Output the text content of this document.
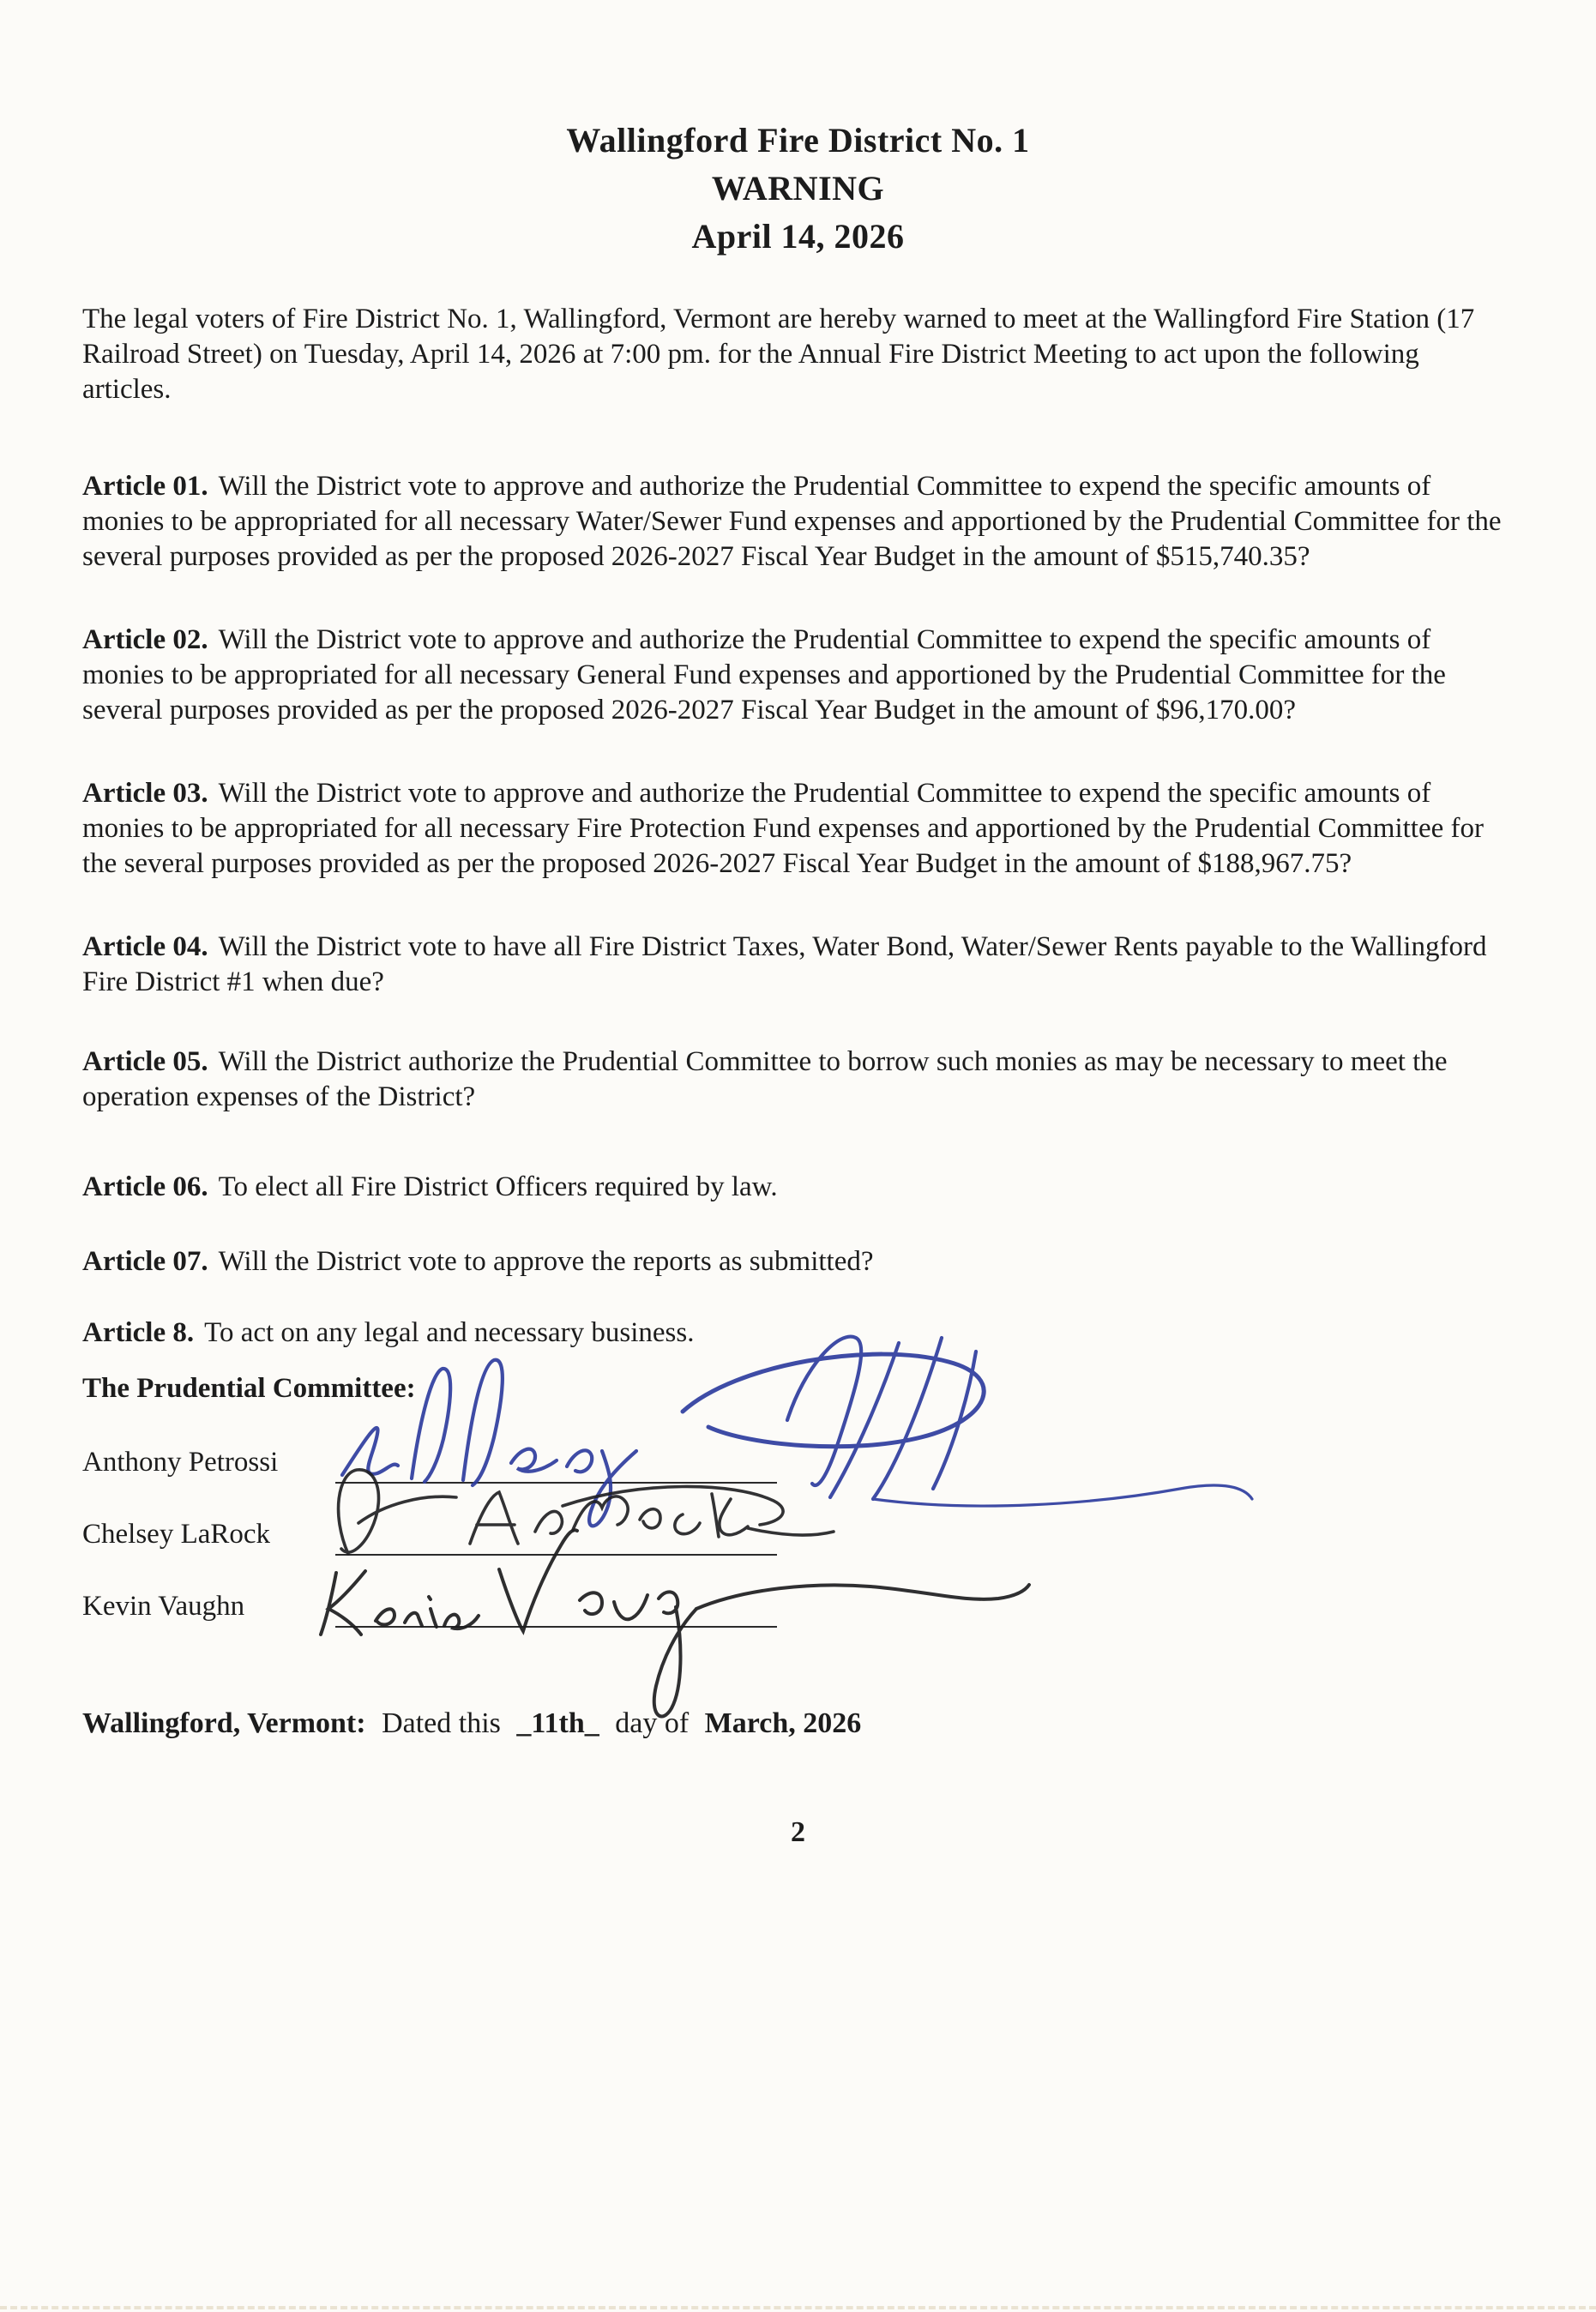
Wallingford Fire District No. 1
WARNING
April 14, 2026

The legal voters of Fire District No. 1, Wallingford, Vermont are hereby warned to meet at the Wallingford Fire Station (17 Railroad Street) on Tuesday, April 14, 2026 at 7:00 pm. for the Annual Fire District Meeting to act upon the following articles.

Article 01. Will the District vote to approve and authorize the Prudential Committee to expend the specific amounts of monies to be appropriated for all necessary Water/Sewer Fund expenses and apportioned by the Prudential Committee for the several purposes provided as per the proposed 2026-2027 Fiscal Year Budget in the amount of $515,740.35?

Article 02. Will the District vote to approve and authorize the Prudential Committee to expend the specific amounts of monies to be appropriated for all necessary General Fund expenses and apportioned by the Prudential Committee for the several purposes provided as per the proposed 2026-2027 Fiscal Year Budget in the amount of $96,170.00?

Article 03. Will the District vote to approve and authorize the Prudential Committee to expend the specific amounts of monies to be appropriated for all necessary Fire Protection Fund expenses and apportioned by the Prudential Committee for the several purposes provided as per the proposed 2026-2027 Fiscal Year Budget in the amount of $188,967.75?

Article 04. Will the District vote to have all Fire District Taxes, Water Bond, Water/Sewer Rents payable to the Wallingford Fire District #1 when due?

Article 05. Will the District authorize the Prudential Committee to borrow such monies as may be necessary to meet the operation expenses of the District?

Article 06. To elect all Fire District Officers required by law.

Article 07. Will the District vote to approve the reports as submitted?

Article 8. To act on any legal and necessary business.

The Prudential Committee:

Anthony Petrossi
Chelsey LaRock
Kevin Vaughn

Wallingford, Vermont: Dated this _11th_ day of March, 2026

2
